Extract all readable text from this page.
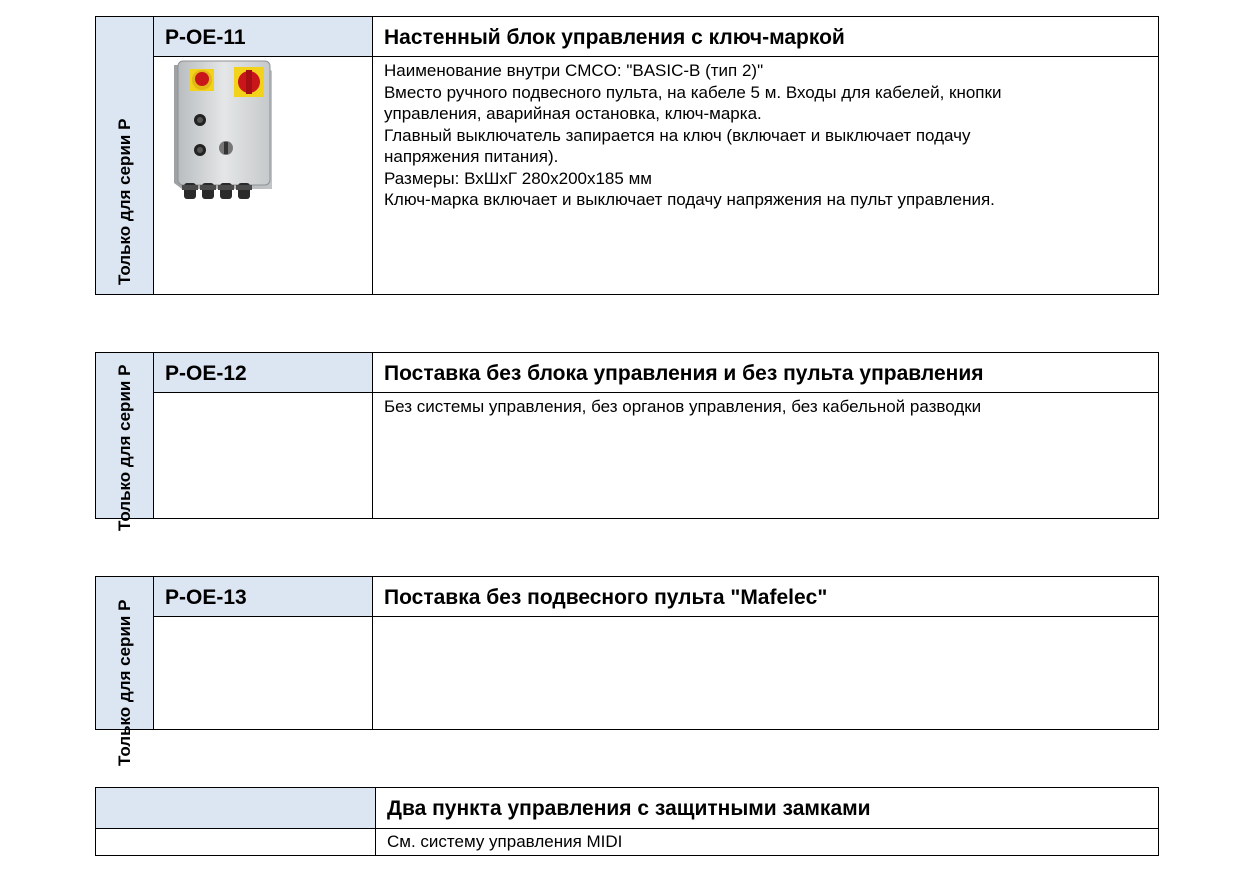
Только для серии P
P-OE-11	Настенный блок управления с ключ-маркой
Наименование внутри CMCO: "BASIC-B (тип 2)"
Вместо ручного подвесного пульта, на кабеле 5 м. Входы для кабелей, кнопки
управления, аварийная остановка, ключ-марка.
Главный выключатель запирается на ключ (включает и выключает подачу
напряжения питания).
Размеры: ВхШхГ 280x200x185 мм
Ключ-марка включает и выключает подачу напряжения на пульт управления.
Только для серии P	P-OE-12	Поставка без блока управления и без пульта управления
Без системы управления, без органов управления, без кабельной разводки
Только для серии P
P-OE-13	Поставка без подвесного пульта "Mafelec"
Два пункта управления с защитными замками
См. систему управления MIDI
